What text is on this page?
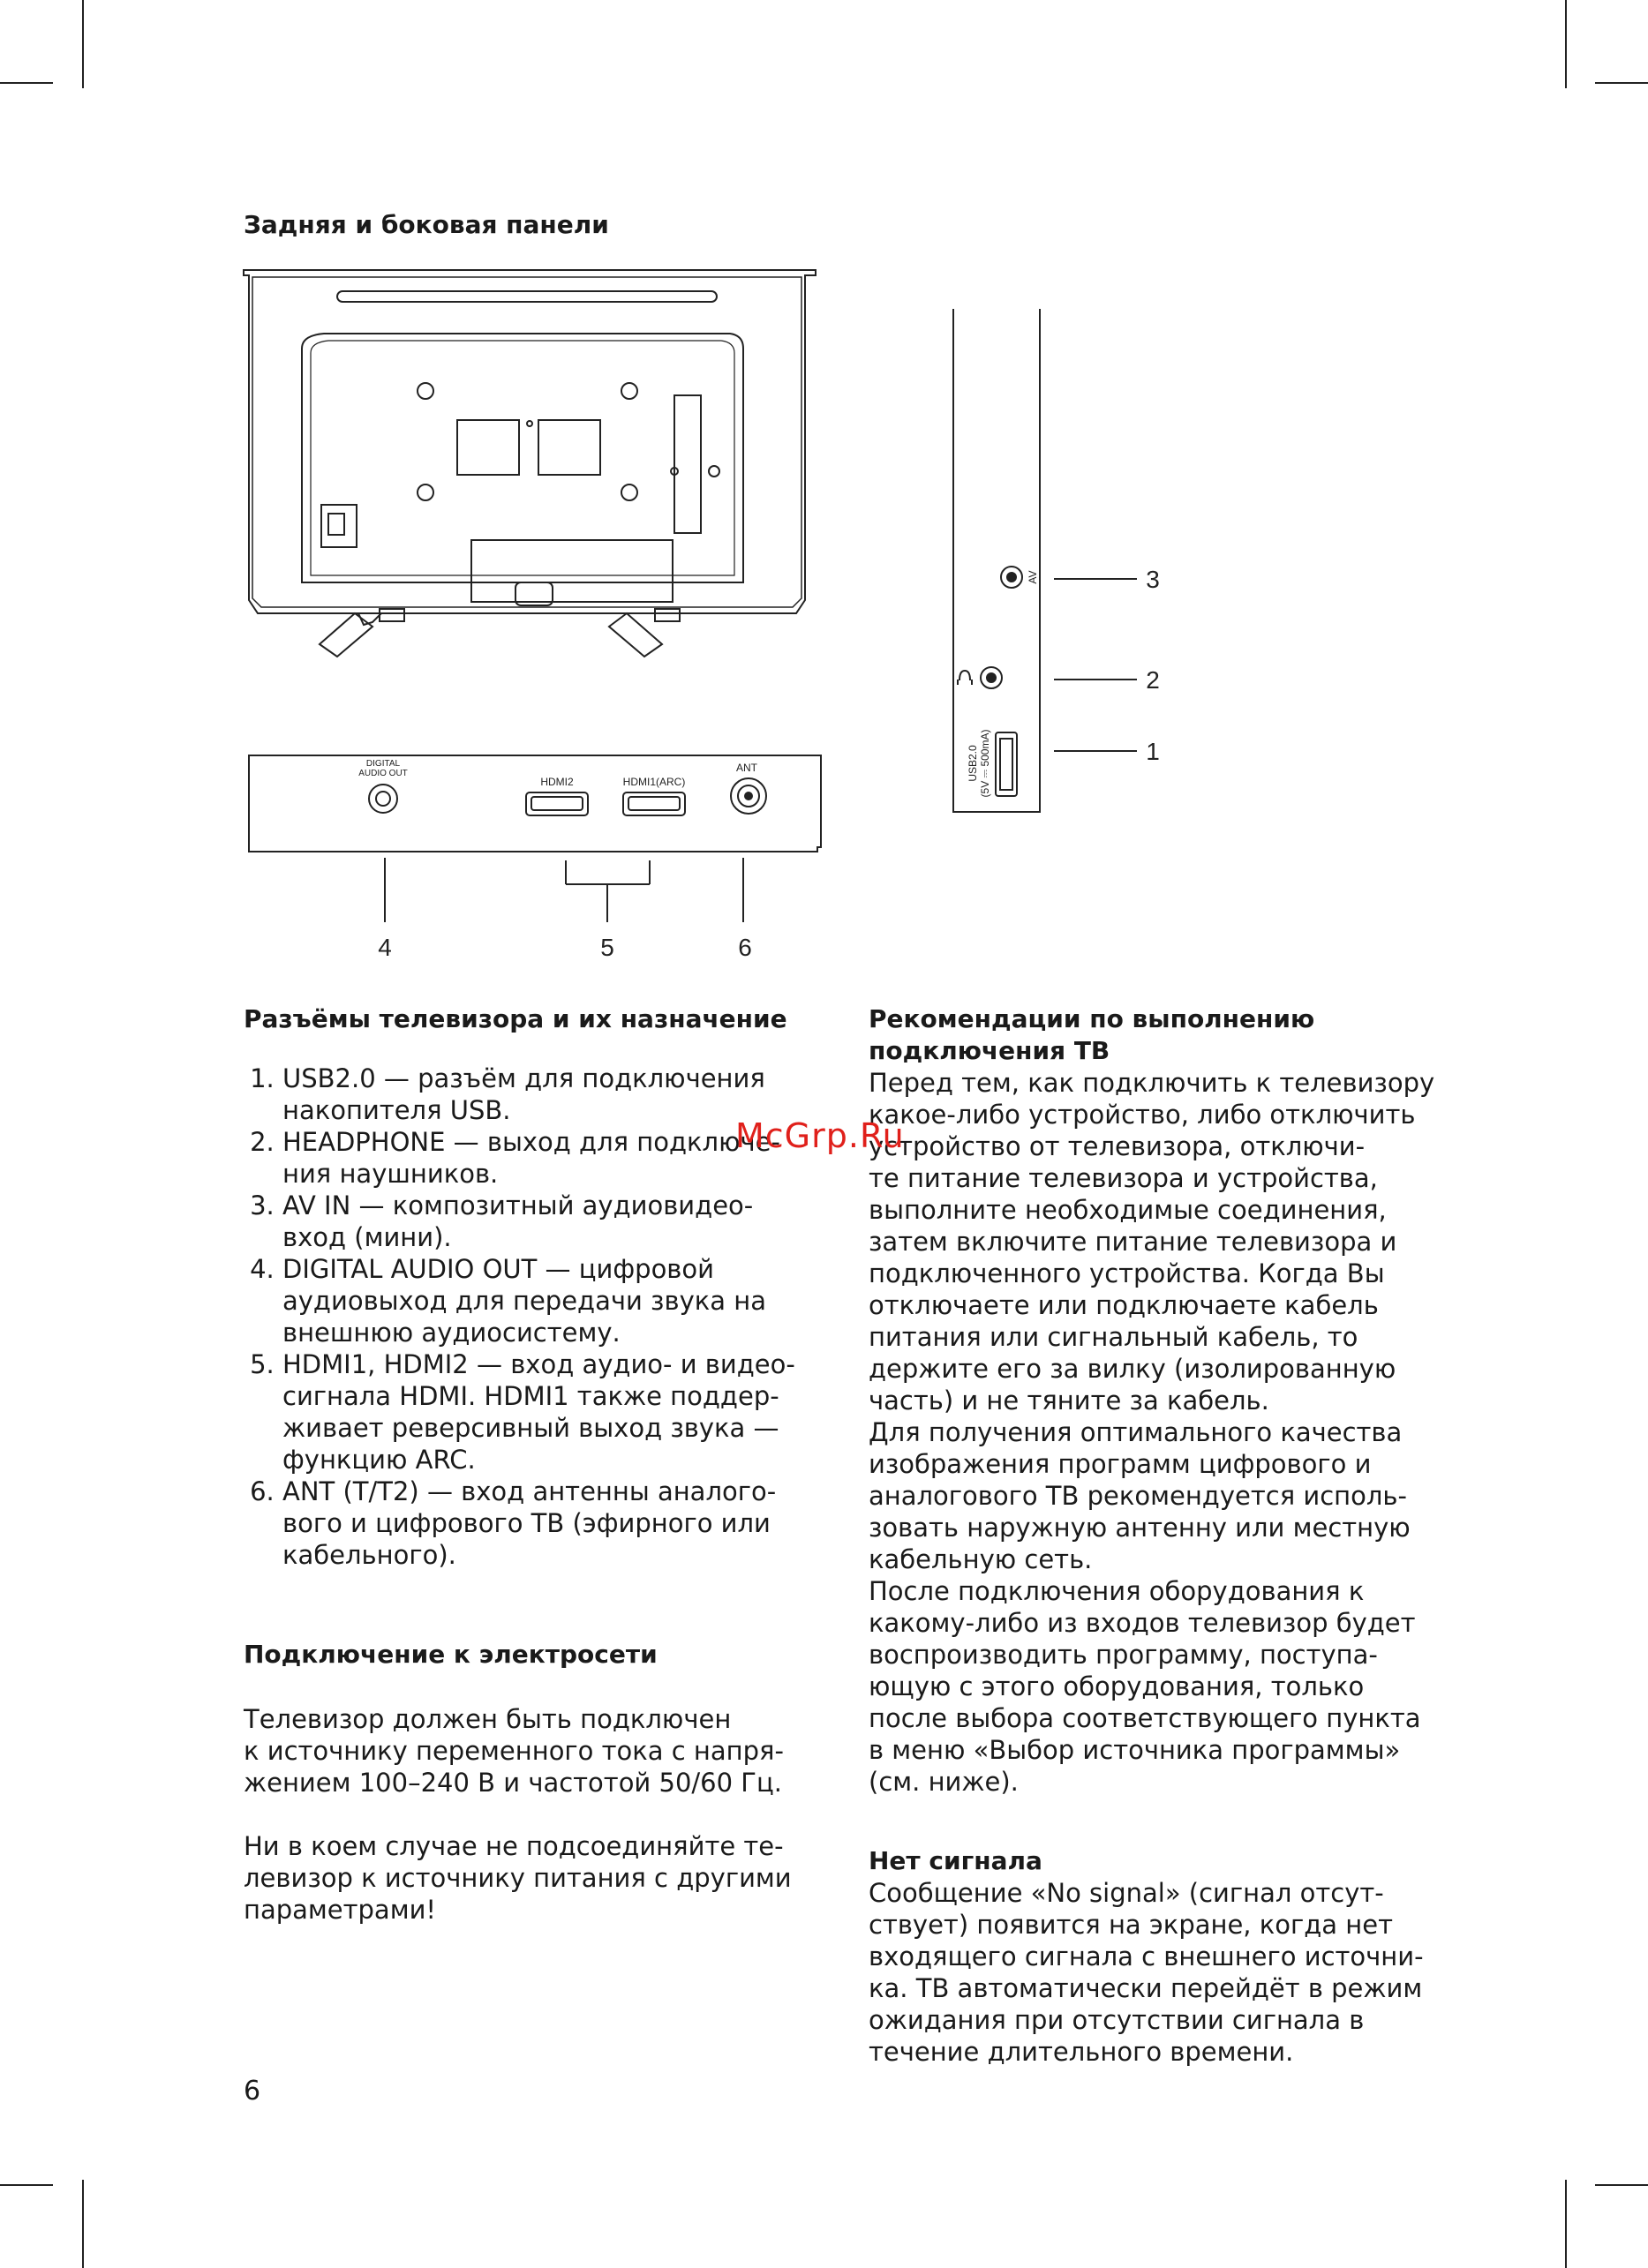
Задняя и боковая панели
DIGITAL
AUDIO OUT
HDMI2	HDMI1(ARC)
ANT
4	5	6
AV
USB2.0 (5V ⎓ 500mA)
3
2
1
Разъёмы телевизора и их назначение
1. USB2.0 — разъём для подключения
накопителя USB.
2. HEADPHONE — выход для подключе-
ния наушников.
3. AV IN — композитный аудиовидео-
вход (мини).
4. DIGITAL AUDIO OUT — цифровой
аудиовыход для передачи звука на
внешнюю аудиосистему.
5. HDMI1, HDMI2 — вход аудио- и видео-
сигнала HDMI. HDMI1 также поддер-
живает реверсивный выход звука —
функцию ARC.
6. ANT (T/T2) — вход антенны аналого-
вого и цифрового ТВ (эфирного или
кабельного).
Подключение к электросети
Телевизор должен быть подключен
к источнику переменного тока с напря-
жением 100–240 В и частотой 50/60 Гц.
Ни в коем случае не подсоединяйте те-
левизор к источнику питания с другими
параметрами!
Рекомендации по выполнению
подключения ТВ
Перед тем, как подключить к телевизору
какое-либо устройство, либо отключить
устройство от телевизора, отключи-
те питание телевизора и устройства,
выполните необходимые соединения,
затем включите питание телевизора и
подключенного устройства. Когда Вы
отключаете или подключаете кабель
питания или сигнальный кабель, то
держите его за вилку (изолированную
часть) и не тяните за кабель.
Для получения оптимального качества
изображения программ цифрового и
аналогового ТВ рекомендуется исполь-
зовать наружную антенну или местную
кабельную сеть.
После подключения оборудования к
какому-либо из входов телевизор будет
воспроизводить программу, поступа-
ющую с этого оборудования, только
после выбора соответствующего пункта
в меню «Выбор источника программы»
(см. ниже).
Нет сигнала
Сообщение «No signal» (сигнал отсут-
ствует) появится на экране, когда нет
входящего сигнала с внешнего источни-
ка. ТВ автоматически перейдёт в режим
ожидания при отсутствии сигнала в
течение длительного времени.
McGrp.Ru
6
